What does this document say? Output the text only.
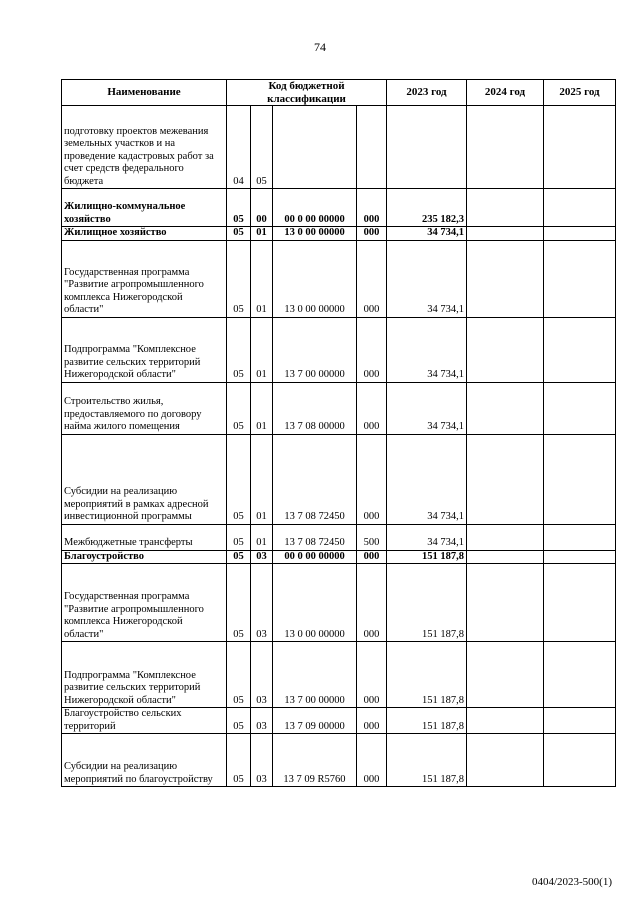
74
Наименование	Код бюджетной классификации				2023 год	2024 год	2025 год
подготовку проектов межевания земельных участков и на проведение кадастровых работ за счет средств федерального бюджета	04	05					
Жилищно-коммунальное хозяйство	05	00	00 0 00 00000	000	235 182,3		
Жилищное хозяйство	05	01	13 0 00 00000	000	34 734,1		
Государственная программа "Развитие агропромышленного комплекса Нижегородской области"	05	01	13 0 00 00000	000	34 734,1		
Подпрограмма "Комплексное развитие сельских территорий Нижегородской области"	05	01	13 7 00 00000	000	34 734,1		
Строительство жилья, предоставляемого по договору найма жилого помещения	05	01	13 7 08 00000	000	34 734,1		
Субсидии на реализацию мероприятий в рамках адресной инвестиционной программы	05	01	13 7 08 72450	000	34 734,1		
Межбюджетные трансферты	05	01	13 7 08 72450	500	34 734,1		
Благоустройство	05	03	00 0 00 00000	000	151 187,8		
Государственная программа "Развитие агропромышленного комплекса Нижегородской области"	05	03	13 0 00 00000	000	151 187,8		
Подпрограмма "Комплексное развитие сельских территорий Нижегородской области"	05	03	13 7 00 00000	000	151 187,8		
Благоустройство сельских территорий	05	03	13 7 09 00000	000	151 187,8		
Субсидии на реализацию мероприятий по благоустройству	05	03	13 7 09 R5760	000	151 187,8		
0404/2023-500(1)
